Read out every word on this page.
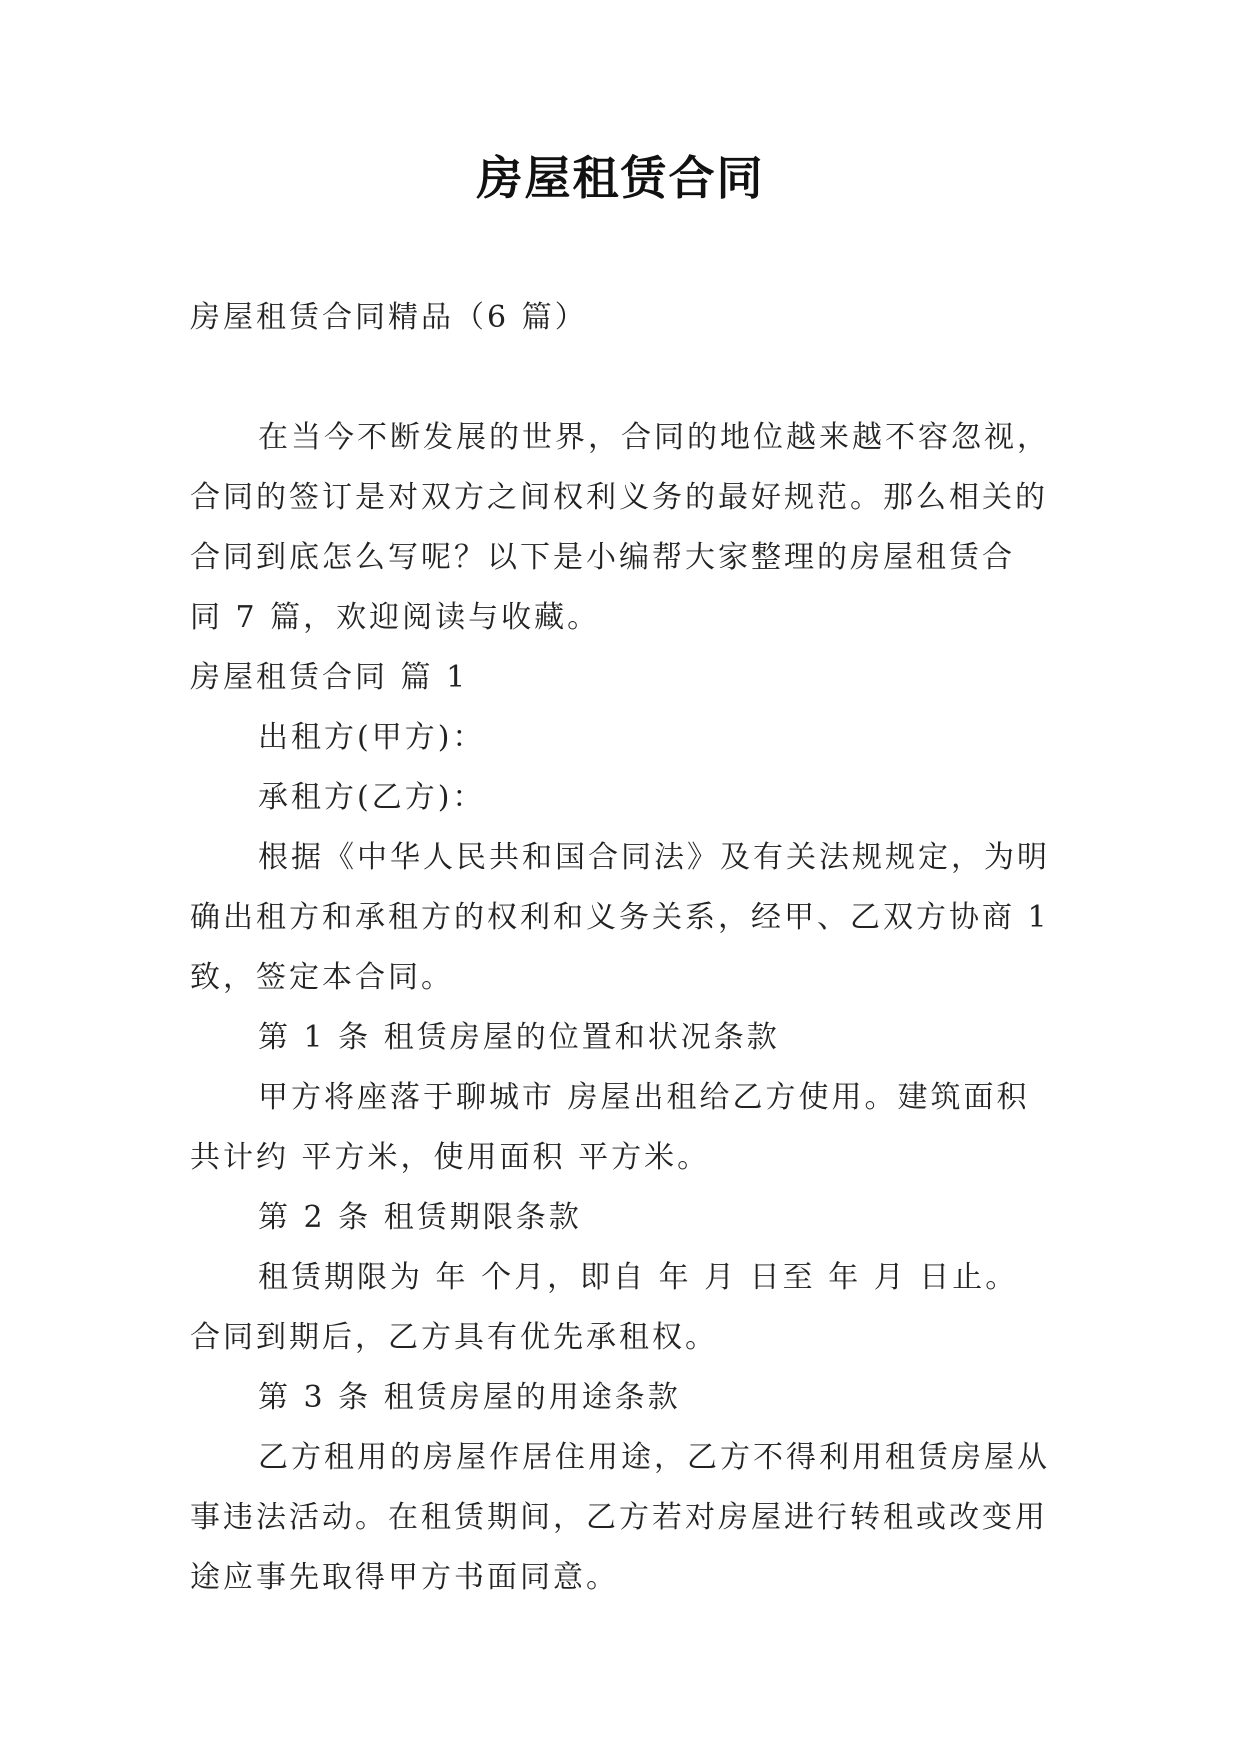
房屋租赁合同
房屋租赁合同精品（6 篇）
在当今不断发展的世界，合同的地位越来越不容忽视，
合同的签订是对双方之间权利义务的最好规范。那么相关的
合同到底怎么写呢？以下是小编帮大家整理的房屋租赁合
同 7 篇，欢迎阅读与收藏。
房屋租赁合同 篇 1
出租方(甲方)：
承租方(乙方)：
根据《中华人民共和国合同法》及有关法规规定，为明
确出租方和承租方的权利和义务关系，经甲、乙双方协商 1
致，签定本合同。
第 1 条 租赁房屋的位置和状况条款
甲方将座落于聊城市 房屋出租给乙方使用。建筑面积
共计约 平方米，使用面积 平方米。
第 2 条 租赁期限条款
租赁期限为 年 个月，即自 年 月 日至 年 月 日止。
合同到期后，乙方具有优先承租权。
第 3 条 租赁房屋的用途条款
乙方租用的房屋作居住用途，乙方不得利用租赁房屋从
事违法活动。在租赁期间，乙方若对房屋进行转租或改变用
途应事先取得甲方书面同意。
